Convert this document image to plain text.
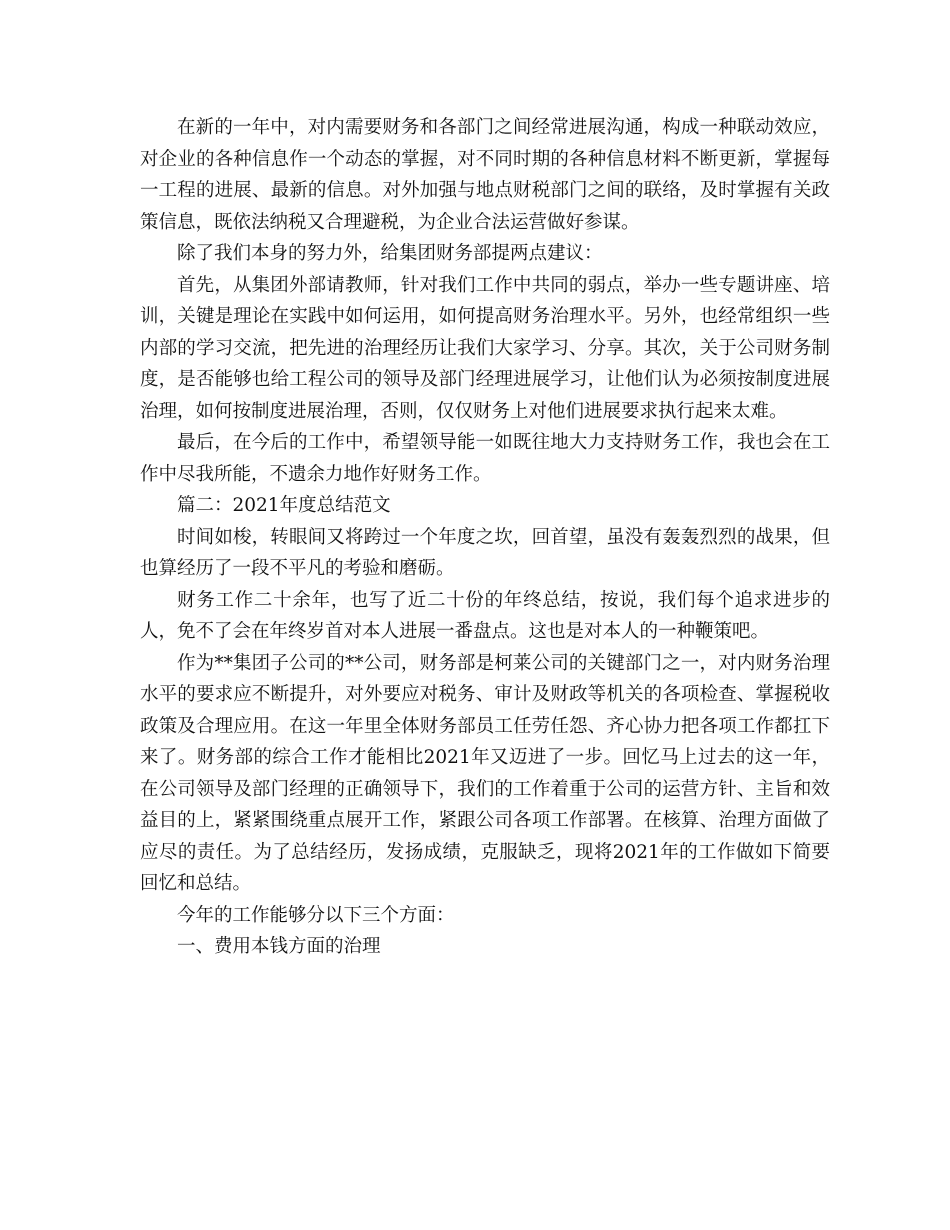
在新的一年中，对内需要财务和各部门之间经常进展沟通，构成一种联动效应，对企业的各种信息作一个动态的掌握，对不同时期的各种信息材料不断更新，掌握每一工程的进展、最新的信息。对外加强与地点财税部门之间的联络，及时掌握有关政策信息，既依法纳税又合理避税，为企业合法运营做好参谋。

除了我们本身的努力外，给集团财务部提两点建议：

首先，从集团外部请教师，针对我们工作中共同的弱点，举办一些专题讲座、培训，关键是理论在实践中如何运用，如何提高财务治理水平。另外，也经常组织一些内部的学习交流，把先进的治理经历让我们大家学习、分享。其次，关于公司财务制度，是否能够也给工程公司的领导及部门经理进展学习，让他们认为必须按制度进展治理，如何按制度进展治理，否则，仅仅财务上对他们进展要求执行起来太难。

最后，在今后的工作中，希望领导能一如既往地大力支持财务工作，我也会在工作中尽我所能，不遗余力地作好财务工作。

篇二：2021年度总结范文

时间如梭，转眼间又将跨过一个年度之坎，回首望，虽没有轰轰烈烈的战果，但也算经历了一段不平凡的考验和磨砺。

财务工作二十余年，也写了近二十份的年终总结，按说，我们每个追求进步的人，免不了会在年终岁首对本人进展一番盘点。这也是对本人的一种鞭策吧。

作为**集团子公司的**公司，财务部是柯莱公司的关键部门之一，对内财务治理水平的要求应不断提升，对外要应对税务、审计及财政等机关的各项检查、掌握税收政策及合理应用。在这一年里全体财务部员工任劳任怨、齐心协力把各项工作都扛下来了。财务部的综合工作才能相比2021年又迈进了一步。回忆马上过去的这一年，在公司领导及部门经理的正确领导下，我们的工作着重于公司的运营方针、主旨和效益目的上，紧紧围绕重点展开工作，紧跟公司各项工作部署。在核算、治理方面做了应尽的责任。为了总结经历，发扬成绩，克服缺乏，现将2021年的工作做如下简要回忆和总结。

今年的工作能够分以下三个方面：

一、费用本钱方面的治理
